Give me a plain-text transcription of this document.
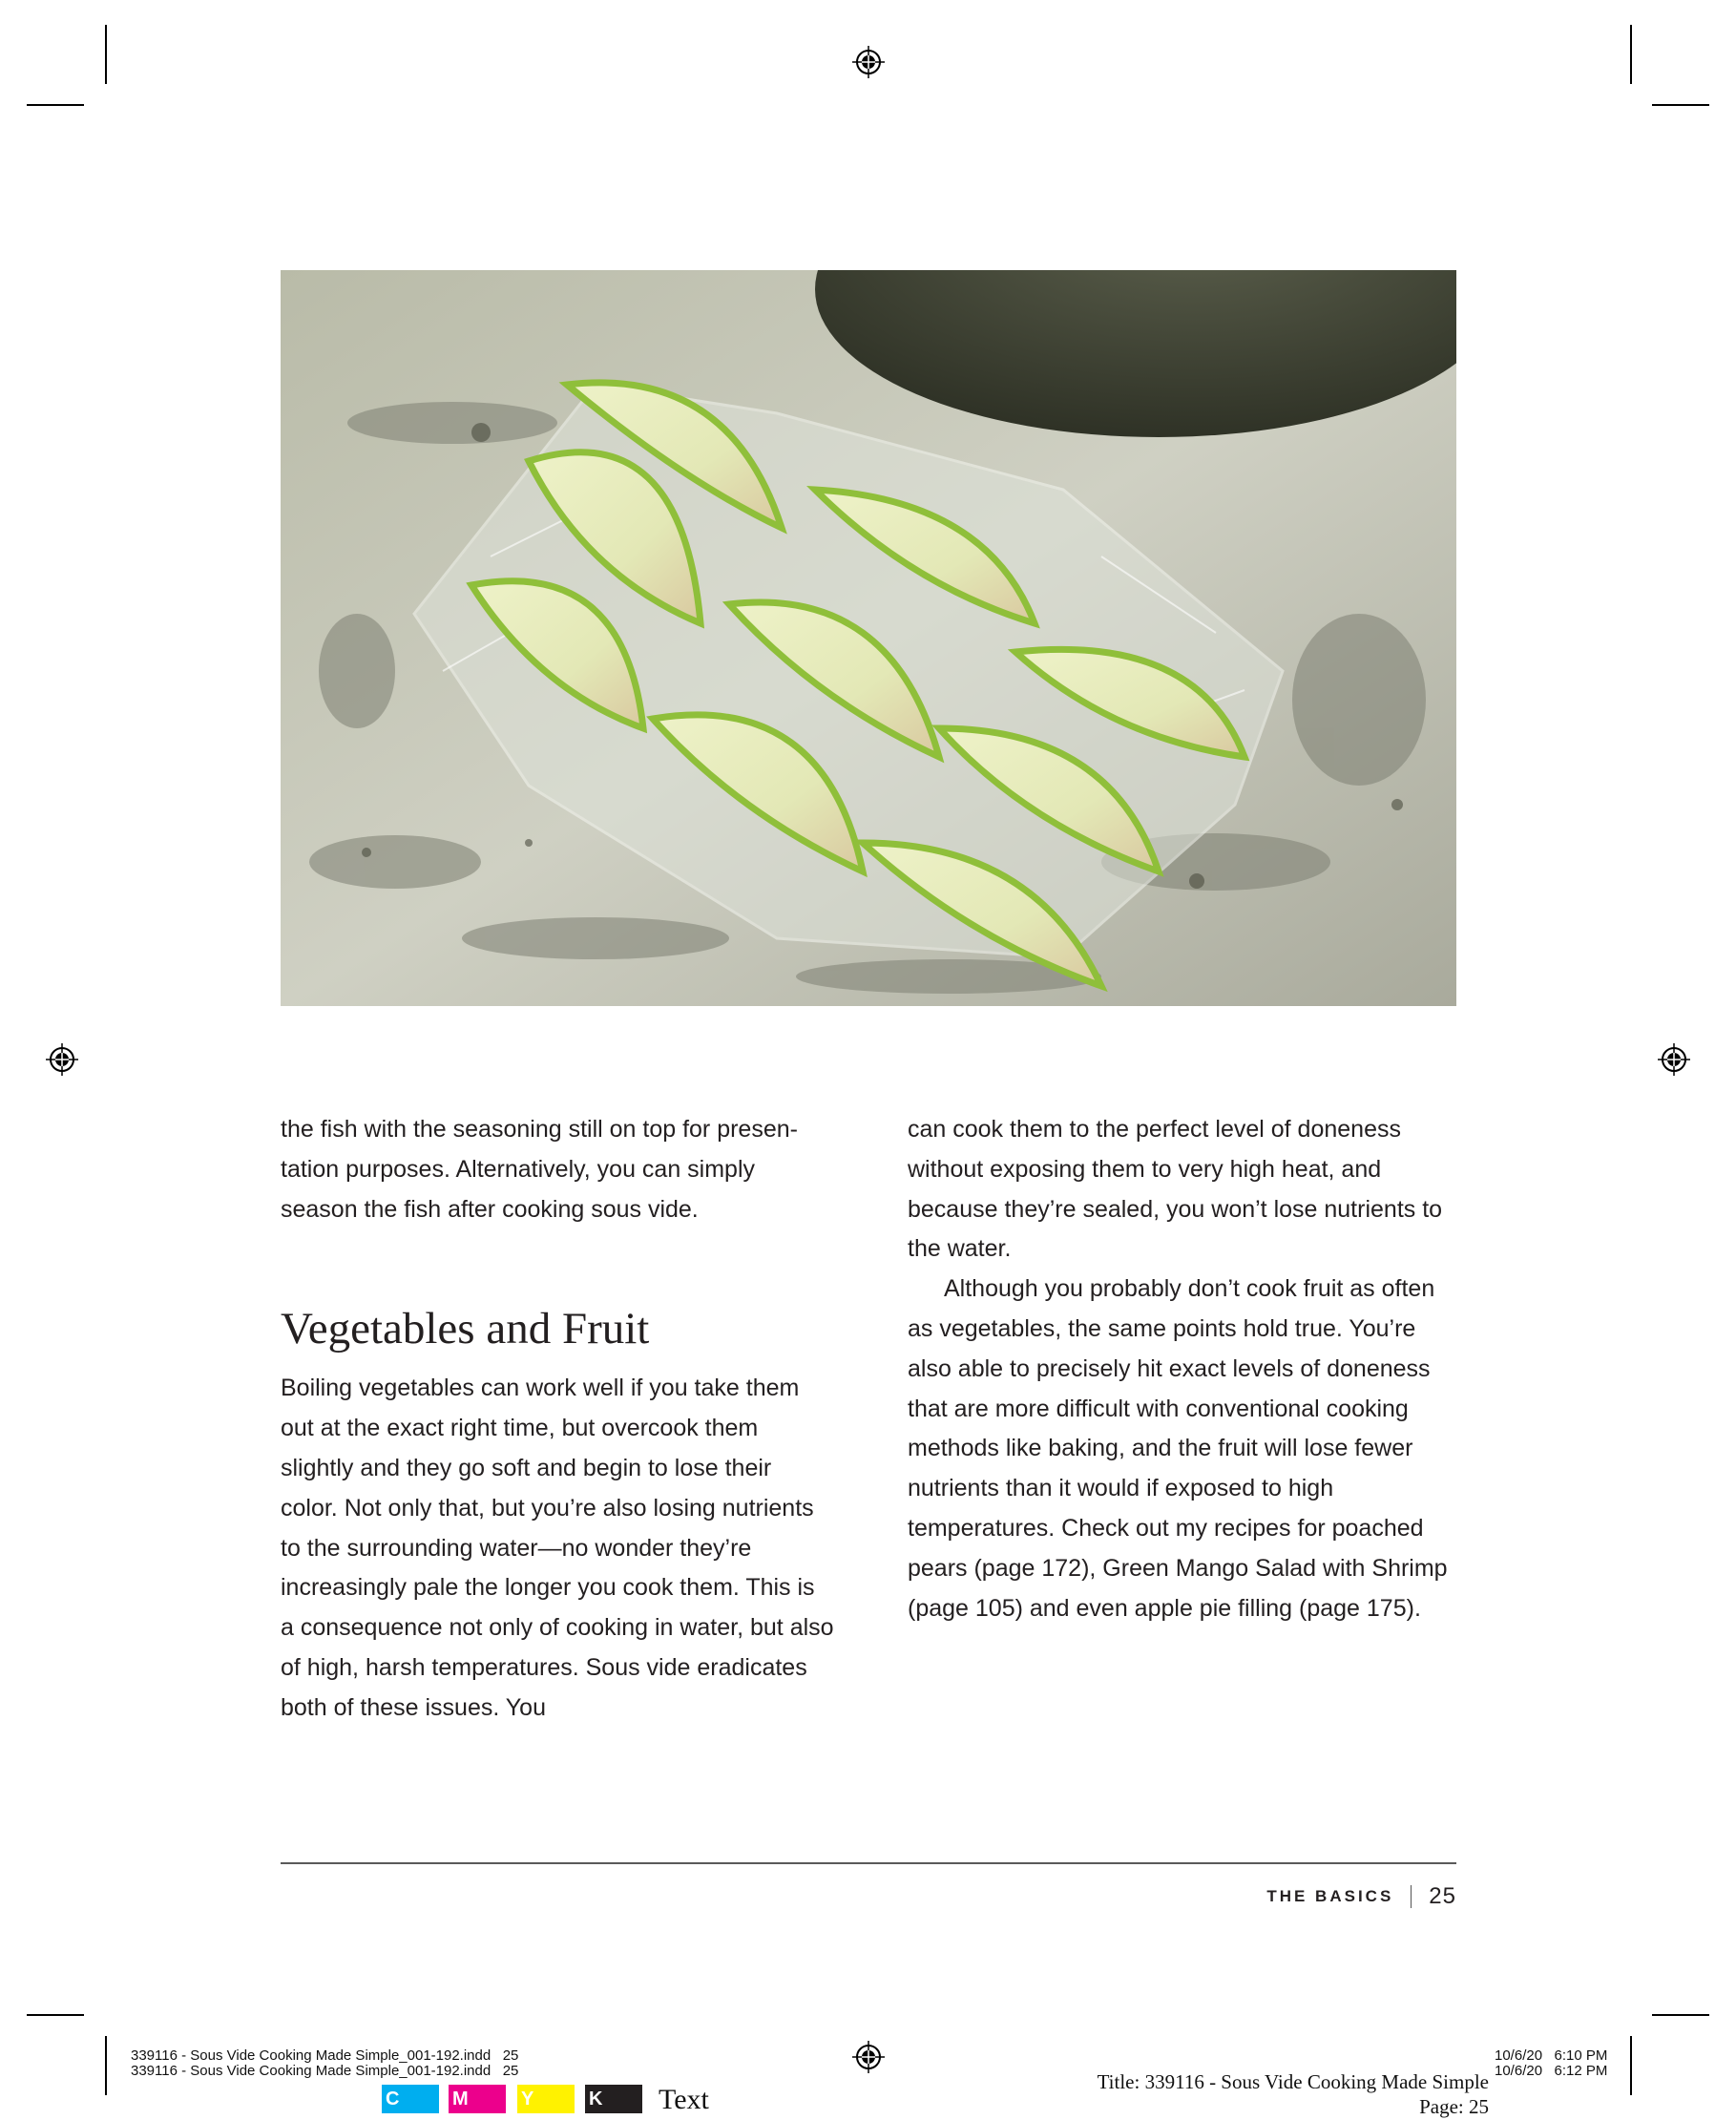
the fish with the seasoning still on top for presen-tation purposes. Alternatively, you can simply season the fish after cooking sous vide.

Vegetables and Fruit

Boiling vegetables can work well if you take them out at the exact right time, but overcook them slightly and they go soft and begin to lose their color. Not only that, but you’re also losing nutrients to the surrounding water—no wonder they’re increasingly pale the longer you cook them. This is a consequence not only of cooking in water, but also of high, harsh temperatures. Sous vide eradicates both of these issues. You

can cook them to the perfect level of doneness without exposing them to very high heat, and because they’re sealed, you won’t lose nutrients to the water.

Although you probably don’t cook fruit as often as vegetables, the same points hold true. You’re also able to precisely hit exact levels of doneness that are more difficult with conventional cooking methods like baking, and the fruit will lose fewer nutrients than it would if exposed to high temperatures. Check out my recipes for poached pears (page 172), Green Mango Salad with Shrimp (page 105) and even apple pie filling (page 175).

THE BASICS 25
339116 - Sous Vide Cooking Made Simple_001-192.indd   25
339116 - Sous Vide Cooking Made Simple_001-192.indd   25
10/6/20   6:10 PM
10/6/20   6:12 PM
Title: 339116 - Sous Vide Cooking Made Simple
Page: 25
C	M	Y	K	Text
